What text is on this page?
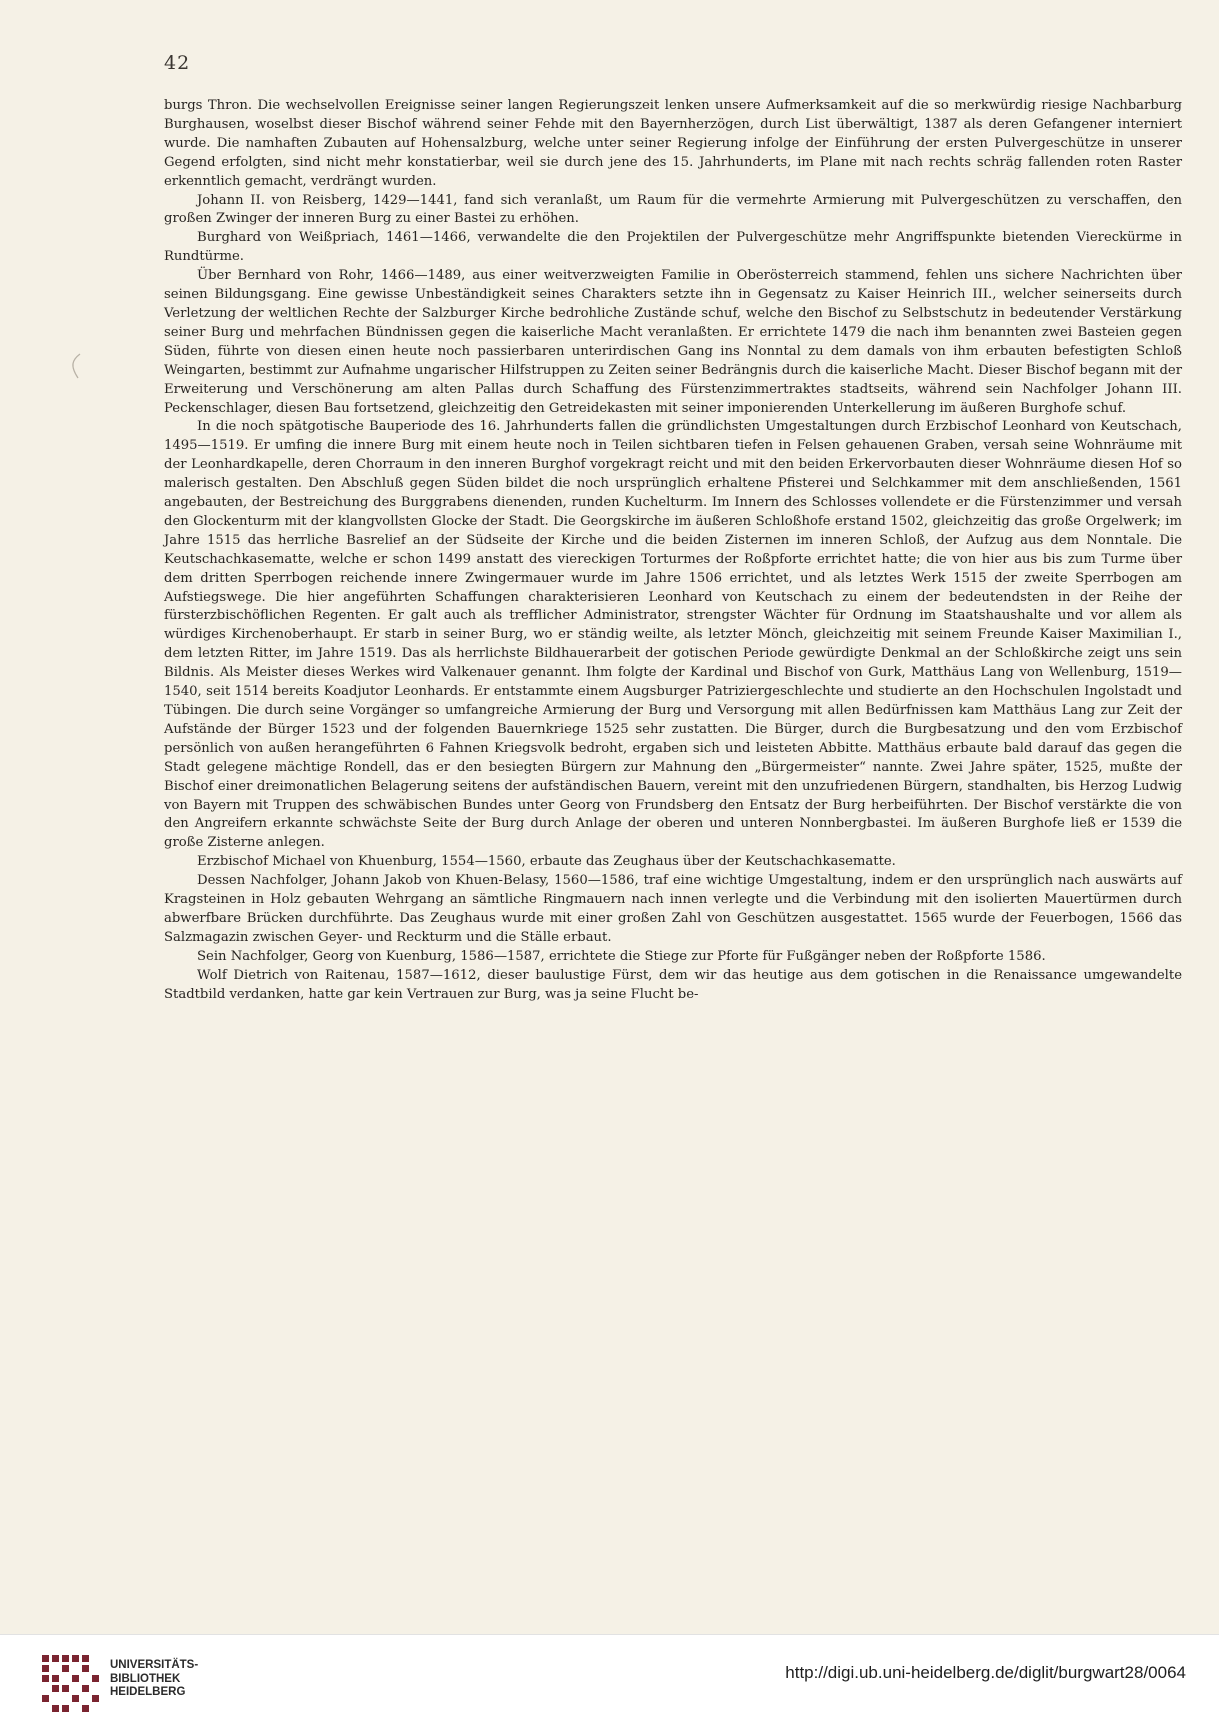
42

burgs Thron. Die wechselvollen Ereignisse seiner langen Regierungszeit lenken unsere Aufmerksamkeit auf die so merkwürdig riesige Nachbarburg Burghausen, woselbst dieser Bischof während seiner Fehde mit den Bayernherzögen, durch List überwältigt, 1387 als deren Gefangener interniert wurde. Die namhaften Zubauten auf Hohensalzburg, welche unter seiner Regierung infolge der Einführung der ersten Pulvergeschütze in unserer Gegend erfolgten, sind nicht mehr konstatierbar, weil sie durch jene des 15. Jahrhunderts, im Plane mit nach rechts schräg fallenden roten Raster erkenntlich gemacht, verdrängt wurden.

Johann II. von Reisberg, 1429—1441, fand sich veranlaßt, um Raum für die vermehrte Armierung mit Pulvergeschützen zu verschaffen, den großen Zwinger der inneren Burg zu einer Bastei zu erhöhen.

Burghard von Weißpriach, 1461—1466, verwandelte die den Projektilen der Pulvergeschütze mehr Angriffspunkte bietenden Viereckürme in Rundtürme.

Über Bernhard von Rohr, 1466—1489, aus einer weitverzweigten Familie in Oberösterreich stammend, fehlen uns sichere Nachrichten über seinen Bildungsgang. Eine gewisse Unbeständigkeit seines Charakters setzte ihn in Gegensatz zu Kaiser Heinrich III., welcher seinerseits durch Verletzung der weltlichen Rechte der Salzburger Kirche bedrohliche Zustände schuf, welche den Bischof zu Selbstschutz in bedeutender Verstärkung seiner Burg und mehrfachen Bündnissen gegen die kaiserliche Macht veranlaßten. Er errichtete 1479 die nach ihm benannten zwei Basteien gegen Süden, führte von diesen einen heute noch passierbaren unterirdischen Gang ins Nonntal zu dem damals von ihm erbauten befestigten Schloß Weingarten, bestimmt zur Aufnahme ungarischer Hilfstruppen zu Zeiten seiner Bedrängnis durch die kaiserliche Macht. Dieser Bischof begann mit der Erweiterung und Verschönerung am alten Pallas durch Schaffung des Fürstenzimmertraktes stadtseits, während sein Nachfolger Johann III. Peckenschlager, diesen Bau fortsetzend, gleichzeitig den Getreidekasten mit seiner imponierenden Unterkellerung im äußeren Burghofe schuf.

In die noch spätgotische Bauperiode des 16. Jahrhunderts fallen die gründlichsten Umgestaltungen durch Erzbischof Leonhard von Keutschach, 1495—1519. Er umfing die innere Burg mit einem heute noch in Teilen sichtbaren tiefen in Felsen gehauenen Graben, versah seine Wohnräume mit der Leonhardkapelle, deren Chorraum in den inneren Burghof vorgekragt reicht und mit den beiden Erkervorbauten dieser Wohnräume diesen Hof so malerisch gestalten. Den Abschluß gegen Süden bildet die noch ursprünglich erhaltene Pfisterei und Selchkammer mit dem anschließenden, 1561 angebauten, der Bestreichung des Burggrabens dienenden, runden Kuchelturm. Im Innern des Schlosses vollendete er die Fürstenzimmer und versah den Glockenturm mit der klangvollsten Glocke der Stadt. Die Georgskirche im äußeren Schloßhofe erstand 1502, gleichzeitig das große Orgelwerk; im Jahre 1515 das herrliche Basrelief an der Südseite der Kirche und die beiden Zisternen im inneren Schloß, der Aufzug aus dem Nonntale. Die Keutschachkasematte, welche er schon 1499 anstatt des viereckigen Torturmes der Roßpforte errichtet hatte; die von hier aus bis zum Turme über dem dritten Sperrbogen reichende innere Zwingermauer wurde im Jahre 1506 errichtet, und als letztes Werk 1515 der zweite Sperrbogen am Aufstiegswege. Die hier angeführten Schaffungen charakterisieren Leonhard von Keutschach zu einem der bedeutendsten in der Reihe der fürsterzbischöflichen Regenten. Er galt auch als trefflicher Administrator, strengster Wächter für Ordnung im Staatshaushalte und vor allem als würdiges Kirchenoberhaupt. Er starb in seiner Burg, wo er ständig weilte, als letzter Mönch, gleichzeitig mit seinem Freunde Kaiser Maximilian I., dem letzten Ritter, im Jahre 1519. Das als herrlichste Bildhauerarbeit der gotischen Periode gewürdigte Denkmal an der Schloßkirche zeigt uns sein Bildnis. Als Meister dieses Werkes wird Valkenauer genannt. Ihm folgte der Kardinal und Bischof von Gurk, Matthäus Lang von Wellenburg, 1519—1540, seit 1514 bereits Koadjutor Leonhards. Er entstammte einem Augsburger Patriziergeschlechte und studierte an den Hochschulen Ingolstadt und Tübingen. Die durch seine Vorgänger so umfangreiche Armierung der Burg und Versorgung mit allen Bedürfnissen kam Matthäus Lang zur Zeit der Aufstände der Bürger 1523 und der folgenden Bauernkriege 1525 sehr zustatten. Die Bürger, durch die Burgbesatzung und den vom Erzbischof persönlich von außen herangeführten 6 Fahnen Kriegsvolk bedroht, ergaben sich und leisteten Abbitte. Matthäus erbaute bald darauf das gegen die Stadt gelegene mächtige Rondell, das er den besiegten Bürgern zur Mahnung den „Bürgermeister“ nannte. Zwei Jahre später, 1525, mußte der Bischof einer dreimonatlichen Belagerung seitens der aufständischen Bauern, vereint mit den unzufriedenen Bürgern, standhalten, bis Herzog Ludwig von Bayern mit Truppen des schwäbischen Bundes unter Georg von Frundsberg den Entsatz der Burg herbeiführten. Der Bischof verstärkte die von den Angreifern erkannte schwächste Seite der Burg durch Anlage der oberen und unteren Nonnbergbastei. Im äußeren Burghofe ließ er 1539 die große Zisterne anlegen.

Erzbischof Michael von Khuenburg, 1554—1560, erbaute das Zeughaus über der Keutschachkasematte.

Dessen Nachfolger, Johann Jakob von Khuen-Belasy, 1560—1586, traf eine wichtige Umgestaltung, indem er den ursprünglich nach auswärts auf Kragsteinen in Holz gebauten Wehrgang an sämtliche Ringmauern nach innen verlegte und die Verbindung mit den isolierten Mauertürmen durch abwerfbare Brücken durchführte. Das Zeughaus wurde mit einer großen Zahl von Geschützen ausgestattet. 1565 wurde der Feuerbogen, 1566 das Salzmagazin zwischen Geyer- und Reckturm und die Ställe erbaut.

Sein Nachfolger, Georg von Kuenburg, 1586—1587, errichtete die Stiege zur Pforte für Fußgänger neben der Roßpforte 1586.

Wolf Dietrich von Raitenau, 1587—1612, dieser baulustige Fürst, dem wir das heutige aus dem gotischen in die Renaissance umgewandelte Stadtbild verdanken, hatte gar kein Vertrauen zur Burg, was ja seine Flucht be-

UNIVERSITÄTS-
BIBLIOTHEK
HEIDELBERG
http://digi.ub.uni-heidelberg.de/diglit/burgwart28/0064
